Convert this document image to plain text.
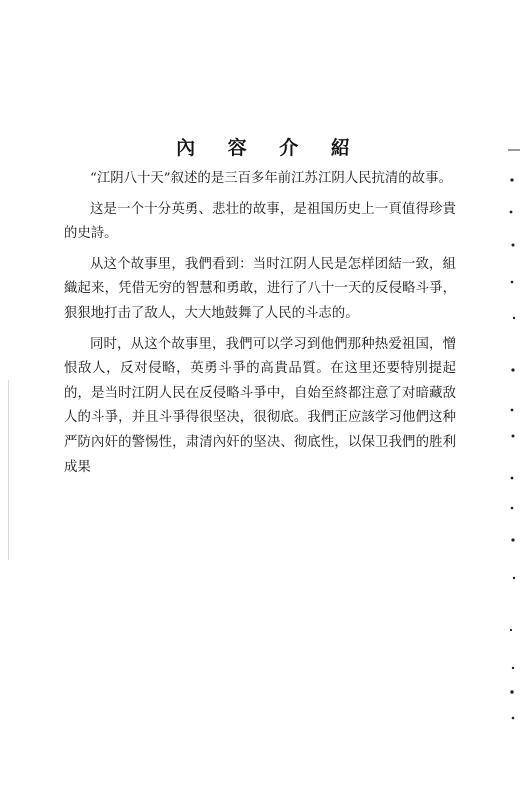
內 容 介 紹

“江阴八十天”叙述的是三百多年前江苏江阴人民抗清的故事。

这是一个十分英勇、悲壮的故事，是祖国历史上一頁值得珍貴的史詩。

从这个故事里，我們看到：当时江阴人民是怎样团結一致，組織起来，凭借无穷的智慧和勇敢，进行了八十一天的反侵略斗爭，狠狠地打击了敌人，大大地鼓舞了人民的斗志的。

同时，从这个故事里，我們可以学习到他們那种热爱祖国，憎恨敌人，反对侵略，英勇斗爭的高貴品質。在这里还要特別提起的，是当时江阴人民在反侵略斗爭中，自始至終都注意了对暗藏敌人的斗爭，并且斗爭得很坚决，很彻底。我們正应該学习他們这种严防內奸的警惕性，肃清內奸的坚决、彻底性，以保卫我們的胜利成果
